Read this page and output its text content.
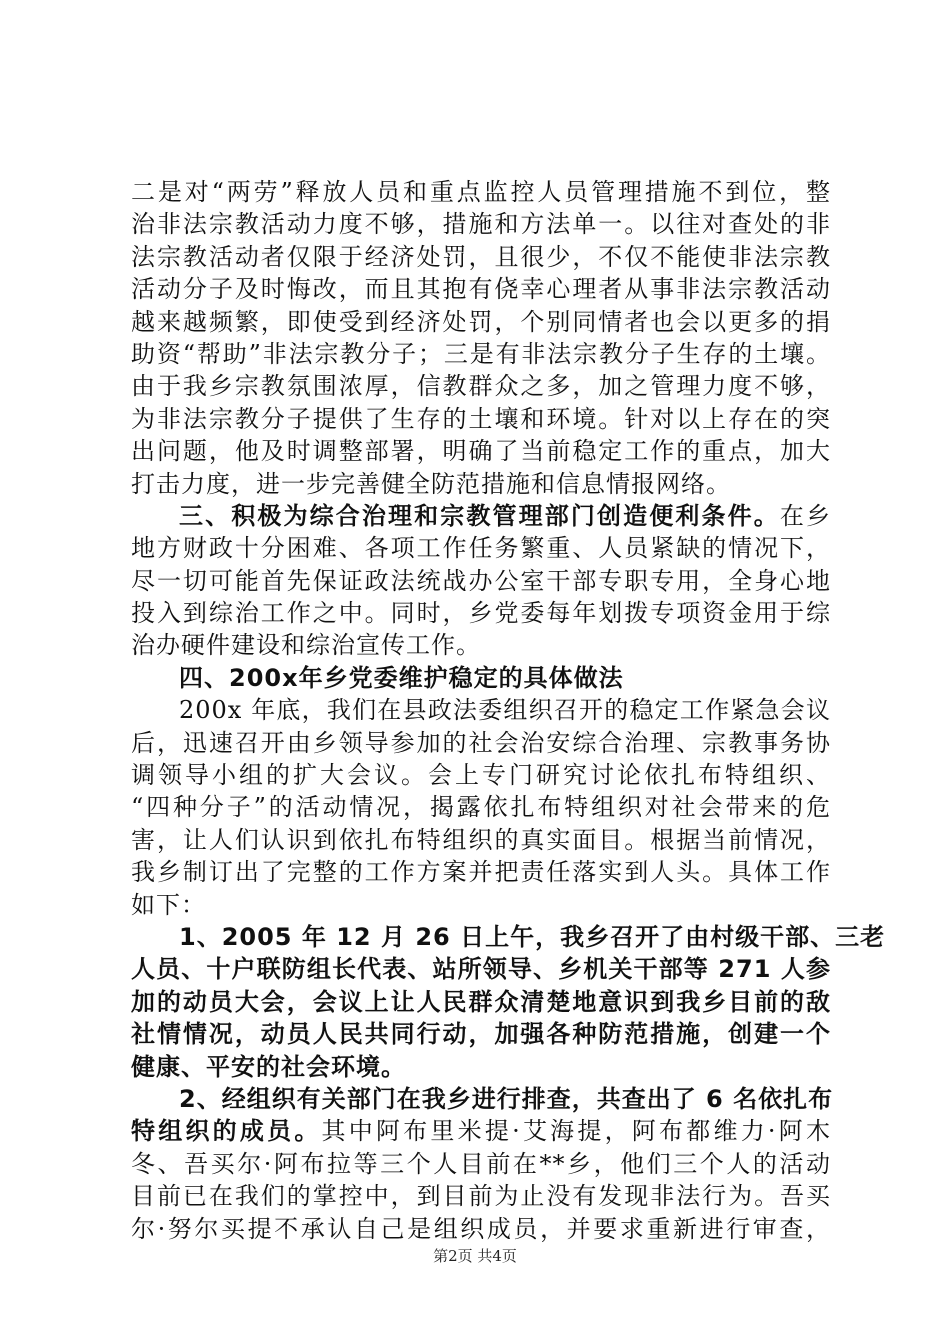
二是对“两劳”释放人员和重点监控人员管理措施不到位，整
治非法宗教活动力度不够，措施和方法单一。以往对查处的非
法宗教活动者仅限于经济处罚，且很少，不仅不能使非法宗教
活动分子及时悔改，而且其抱有侥幸心理者从事非法宗教活动
越来越频繁，即使受到经济处罚，个别同情者也会以更多的捐
助资“帮助”非法宗教分子；三是有非法宗教分子生存的土壤。
由于我乡宗教氛围浓厚，信教群众之多，加之管理力度不够，
为非法宗教分子提供了生存的土壤和环境。针对以上存在的突
出问题，他及时调整部署，明确了当前稳定工作的重点，加大
打击力度，进一步完善健全防范措施和信息情报网络。
三、积极为综合治理和宗教管理部门创造便利条件。在乡
地方财政十分困难、各项工作任务繁重、人员紧缺的情况下，
尽一切可能首先保证政法统战办公室干部专职专用，全身心地
投入到综治工作之中。同时，乡党委每年划拨专项资金用于综
治办硬件建设和综治宣传工作。
四、200x年乡党委维护稳定的具体做法
200x 年底，我们在县政法委组织召开的稳定工作紧急会议
后，迅速召开由乡领导参加的社会治安综合治理、宗教事务协
调领导小组的扩大会议。会上专门研究讨论依扎布特组织、
“四种分子”的活动情况，揭露依扎布特组织对社会带来的危
害，让人们认识到依扎布特组织的真实面目。根据当前情况，
我乡制订出了完整的工作方案并把责任落实到人头。具体工作
如下：
1、2005 年 12 月 26 日上午，我乡召开了由村级干部、三老
人员、十户联防组长代表、站所领导、乡机关干部等 271 人参
加的动员大会，会议上让人民群众清楚地意识到我乡目前的敌
社情情况，动员人民共同行动，加强各种防范措施，创建一个
健康、平安的社会环境。
2、经组织有关部门在我乡进行排查，共查出了 6 名依扎布
特组织的成员。其中阿布里米提·艾海提，阿布都维力·阿木
冬、吾买尔·阿布拉等三个人目前在**乡，他们三个人的活动
目前已在我们的掌控中，到目前为止没有发现非法行为。吾买
尔·努尔买提不承认自己是组织成员，并要求重新进行审查，
第2页 共4页
